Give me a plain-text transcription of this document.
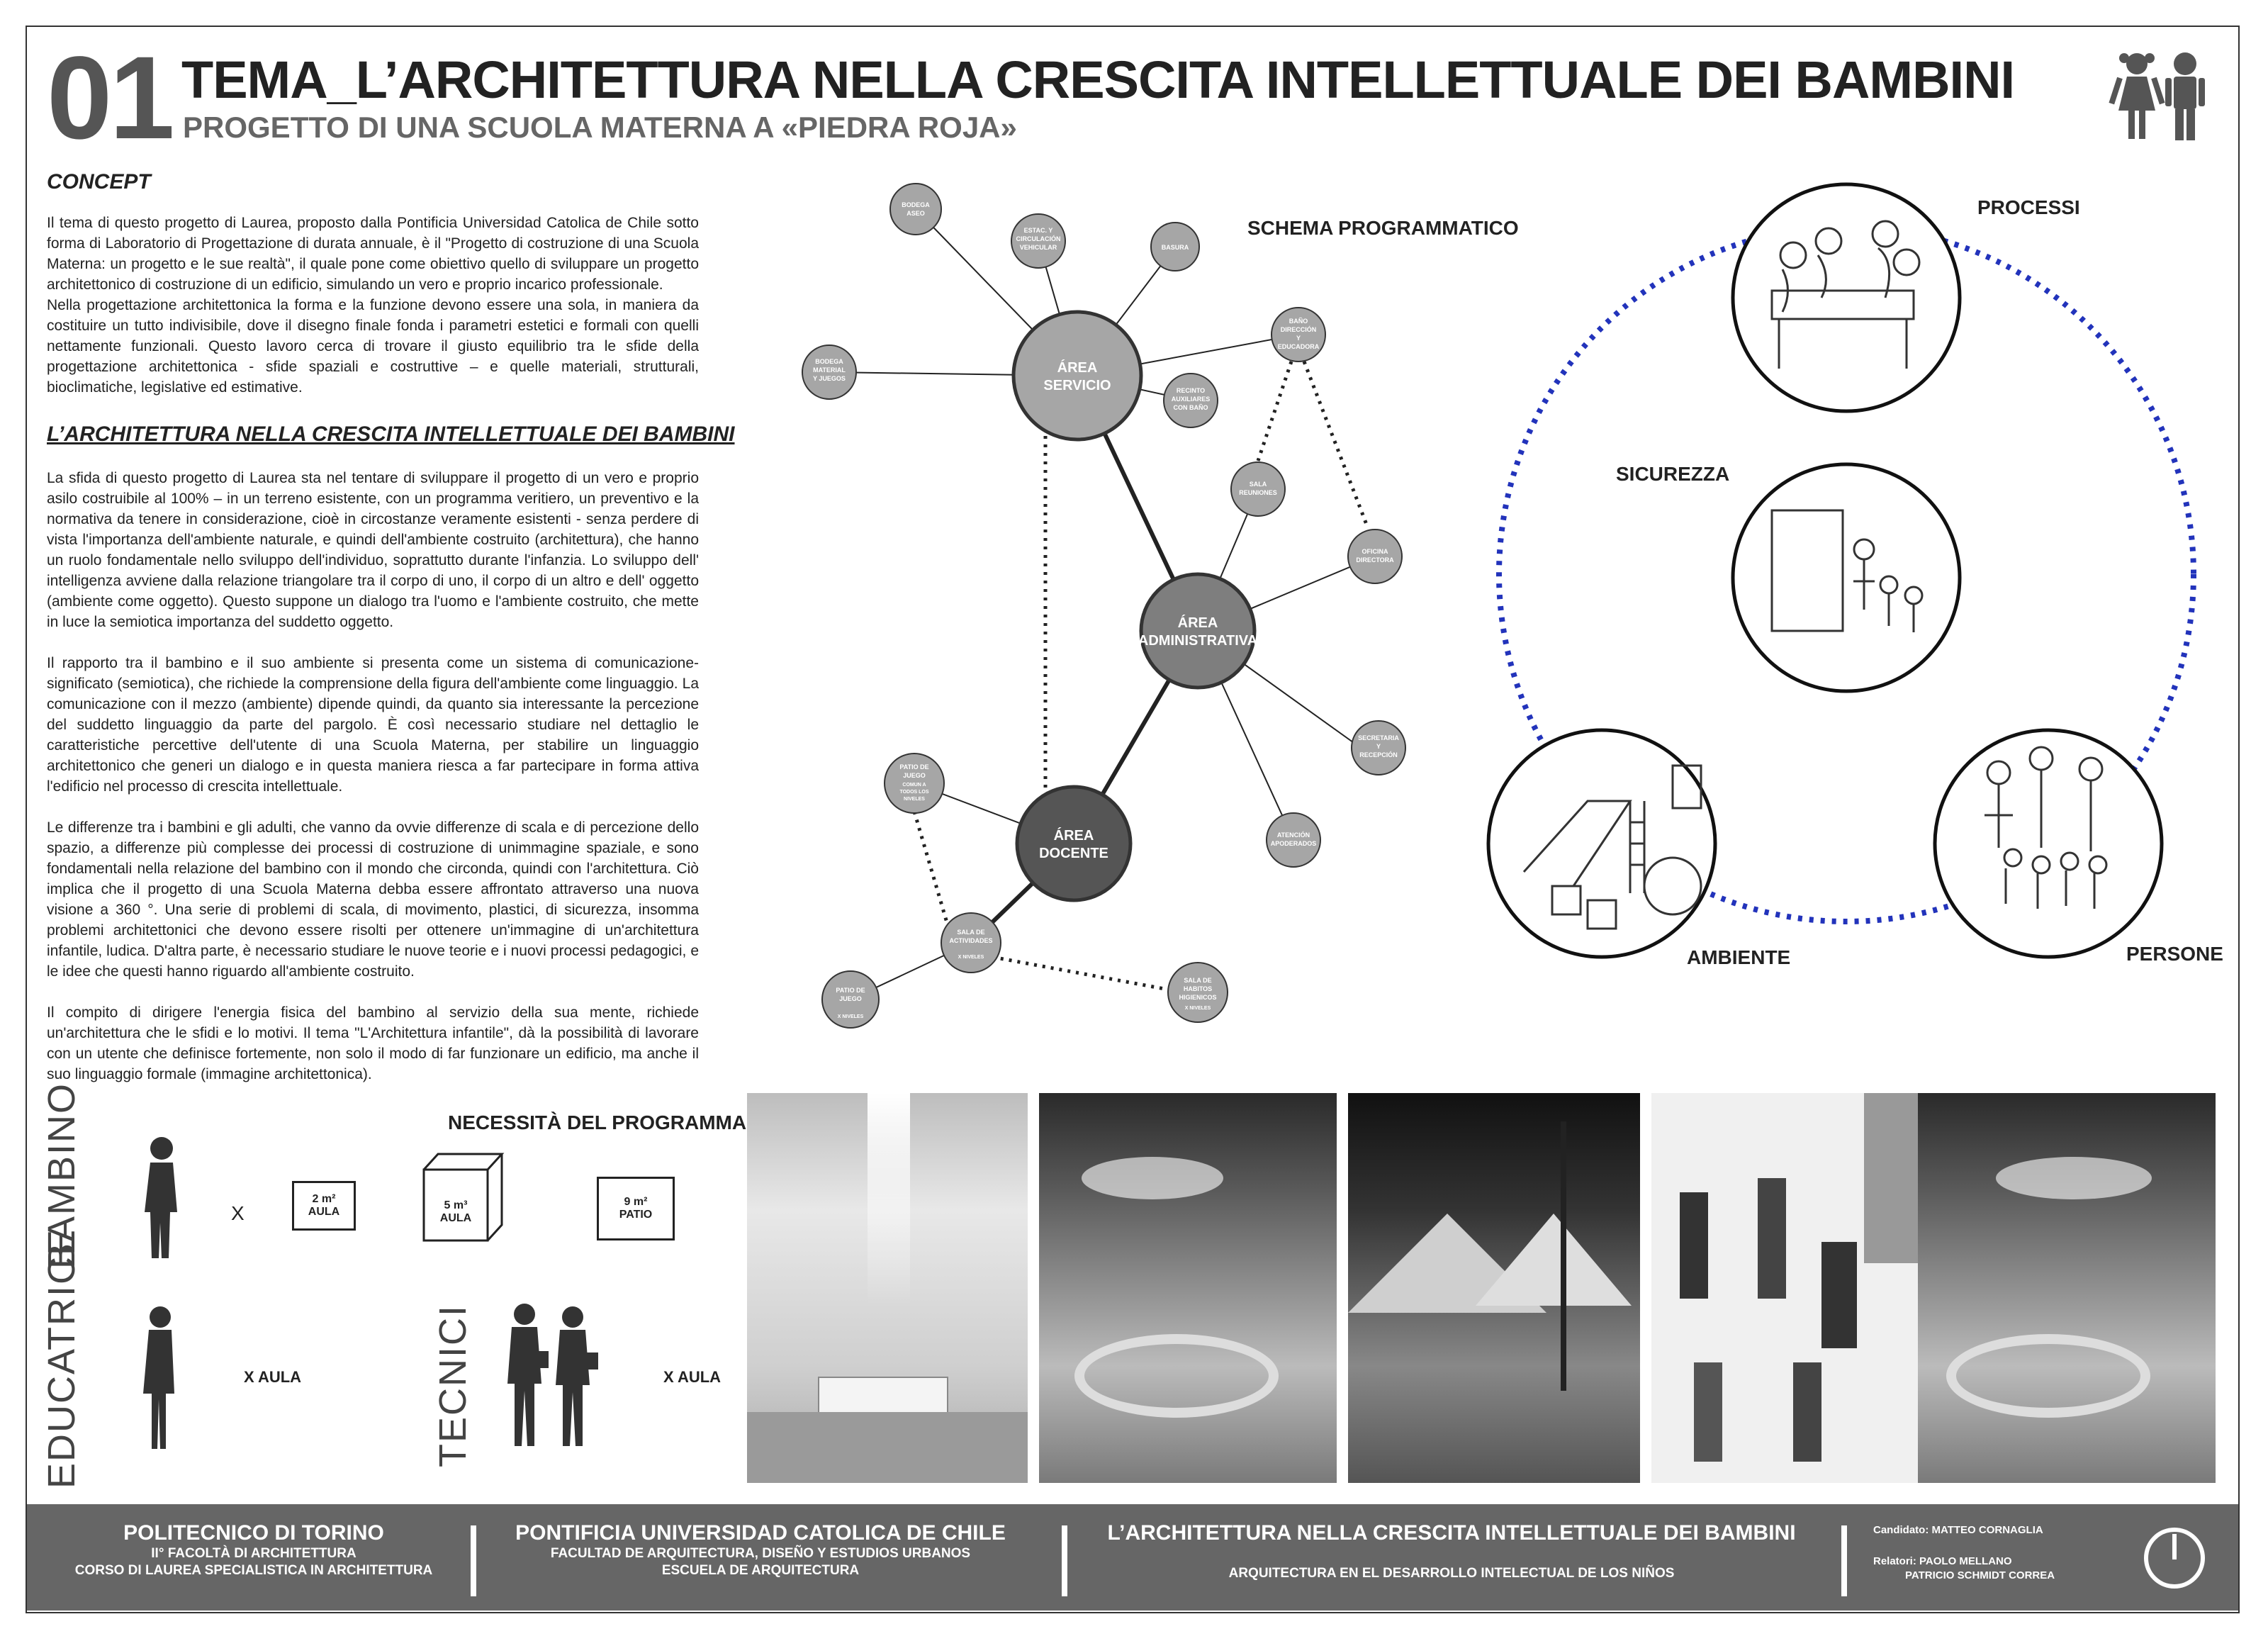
01 TEMA_L’ARCHITETTURA NELLA CRESCITA INTELLETTUALE DEI BAMBINI
PROGETTO DI UNA SCUOLA MATERNA A «PIEDRA ROJA»
CONCEPT

Il tema di questo progetto di Laurea, proposto dalla Pontificia Universidad Catolica de Chile sotto forma di Laboratorio di Progettazione di durata annuale, è il "Progetto di costruzione di una Scuola Materna: un progetto e le sue realtà", il quale pone come obiettivo quello di sviluppare un progetto architettonico di costruzione di un edificio, simulando un vero e proprio incarico professionale.

Nella progettazione architettonica la forma e la funzione devono essere una sola, in maniera da costituire un tutto indivisibile, dove il disegno finale fonda i parametri estetici e formali con quelli nettamente funzionali. Questo lavoro cerca di trovare il giusto equilibrio tra le sfide della progettazione architettonica - sfide spaziali e costruttive – e quelle materiali, strutturali, bioclimatiche, legislative ed estimative.

L’ARCHITETTURA NELLA CRESCITA INTELLETTUALE DEI BAMBINI

La sfida di questo progetto di Laurea sta nel tentare di sviluppare il progetto di un vero e proprio asilo costruibile al 100% – in un terreno esistente, con un programma veritiero, un preventivo e la normativa da tenere in considerazione, cioè in circostanze veramente esistenti - senza perdere di vista l'importanza dell'ambiente naturale, e quindi dell'ambiente costruito (architettura), che hanno un ruolo fondamentale nello sviluppo dell'individuo, soprattutto durante l'infanzia. Lo sviluppo dell' intelligenza avviene dalla relazione triangolare tra il corpo di uno, il corpo di un altro e dell' oggetto (ambiente come oggetto). Questo suppone un dialogo tra l'uomo e l'ambiente costruito, che mette in luce la semiotica importanza del suddetto oggetto.

Il rapporto tra il bambino e il suo ambiente si presenta come un sistema di comunicazione-significato (semiotica), che richiede la comprensione della figura dell'ambiente come linguaggio. La comunicazione con il mezzo (ambiente) dipende quindi, da quanto sia interessante la percezione del suddetto linguaggio da parte del pargolo. È così necessario studiare nel dettaglio le caratteristiche percettive dell'utente di una Scuola Materna, per stabilire un linguaggio architettonico che generi un dialogo e in questa maniera riesca a far partecipare in forma attiva l'edificio nel processo di crescita intellettuale.

Le differenze tra i bambini e gli adulti, che vanno da ovvie differenze di scala e di percezione dello spazio, a differenze più complesse dei processi di costruzione di unimmagine spaziale, e sono fondamentali nella relazione del bambino con il mondo che circonda, quindi con l'architettura. Ciò implica che il progetto di una Scuola Materna debba essere affrontato attraverso una nuova visione a 360 °. Una serie di problemi di scala, di movimento, plastici, di sicurezza, insomma problemi architettonici che devono essere risolti per ottenere un'immagine di un'architettura infantile, ludica. D'altra parte, è necessario studiare le nuove teorie e i nuovi processi pedagogici, e le idee che questi hanno riguardo all'ambiente costruito.

Il compito di dirigere l'energia fisica del bambino al servizio della sua mente, richiede un'architettura che le sfidi e lo motivi. Il tema "L'Architettura infantile", dà la possibilità di lavorare con un utente che definisce fortemente, non solo il modo di far funzionare un edificio, ma anche il suo linguaggio formale (immagine architettonica).

SCHEMA PROGRAMMATICO
ÁREA
SERVICIO
ÁREA
ADMINISTRATIVA
ÁREA
DOCENTE
BODEGA
ASEO
ESTAC. Y
CIRCULACIÓN
VEHICULAR	BASURA
BODEGA
MATERIAL
Y JUEGOS
BAÑO
DIRECCIÓN
Y
EDUCADORA
RECINTO
AUXILIARES
CON BAÑO
SALA
REUNIONES
OFICINA
DIRECTORA
SECRETARIA
Y
RECEPCIÓN
ATENCIÓN
APODERADOS
PATIO DE
JUEGO
COMUN A
TODOS LOS
NIVELES
SALA DE
ACTIVIDADES
X NIVELES
SALA DE
HABITOS
HIGIENICOS
X NIVELES
PATIO DE
JUEGO
X NIVELES
PROCESSI
SICUREZZA
AMBIENTE	PERSONE
NECESSITÀ DEL PROGRAMMA
BAMBINO
EDUCATRICE	TECNICI
X
2 m²
AULA
5 m³
AULA
9 m²
PATIO
X AULA	X AULA
POLITECNICO DI TORINO
II° FACOLTÀ DI ARCHITETTURA
CORSO DI LAUREA SPECIALISTICA IN ARCHITETTURA
PONTIFICIA UNIVERSIDAD CATOLICA DE CHILE
FACULTAD DE ARQUITECTURA, DISEÑO Y ESTUDIOS URBANOS
ESCUELA DE ARQUITECTURA
L’ARCHITETTURA NELLA CRESCITA INTELLETTUALE DEI BAMBINI
ARQUITECTURA EN EL DESARROLLO INTELECTUAL DE LOS NIÑOS
Candidato: MATTEO CORNAGLIA
Relatori: PAOLO MELLANO
PATRICIO SCHMIDT CORREA
